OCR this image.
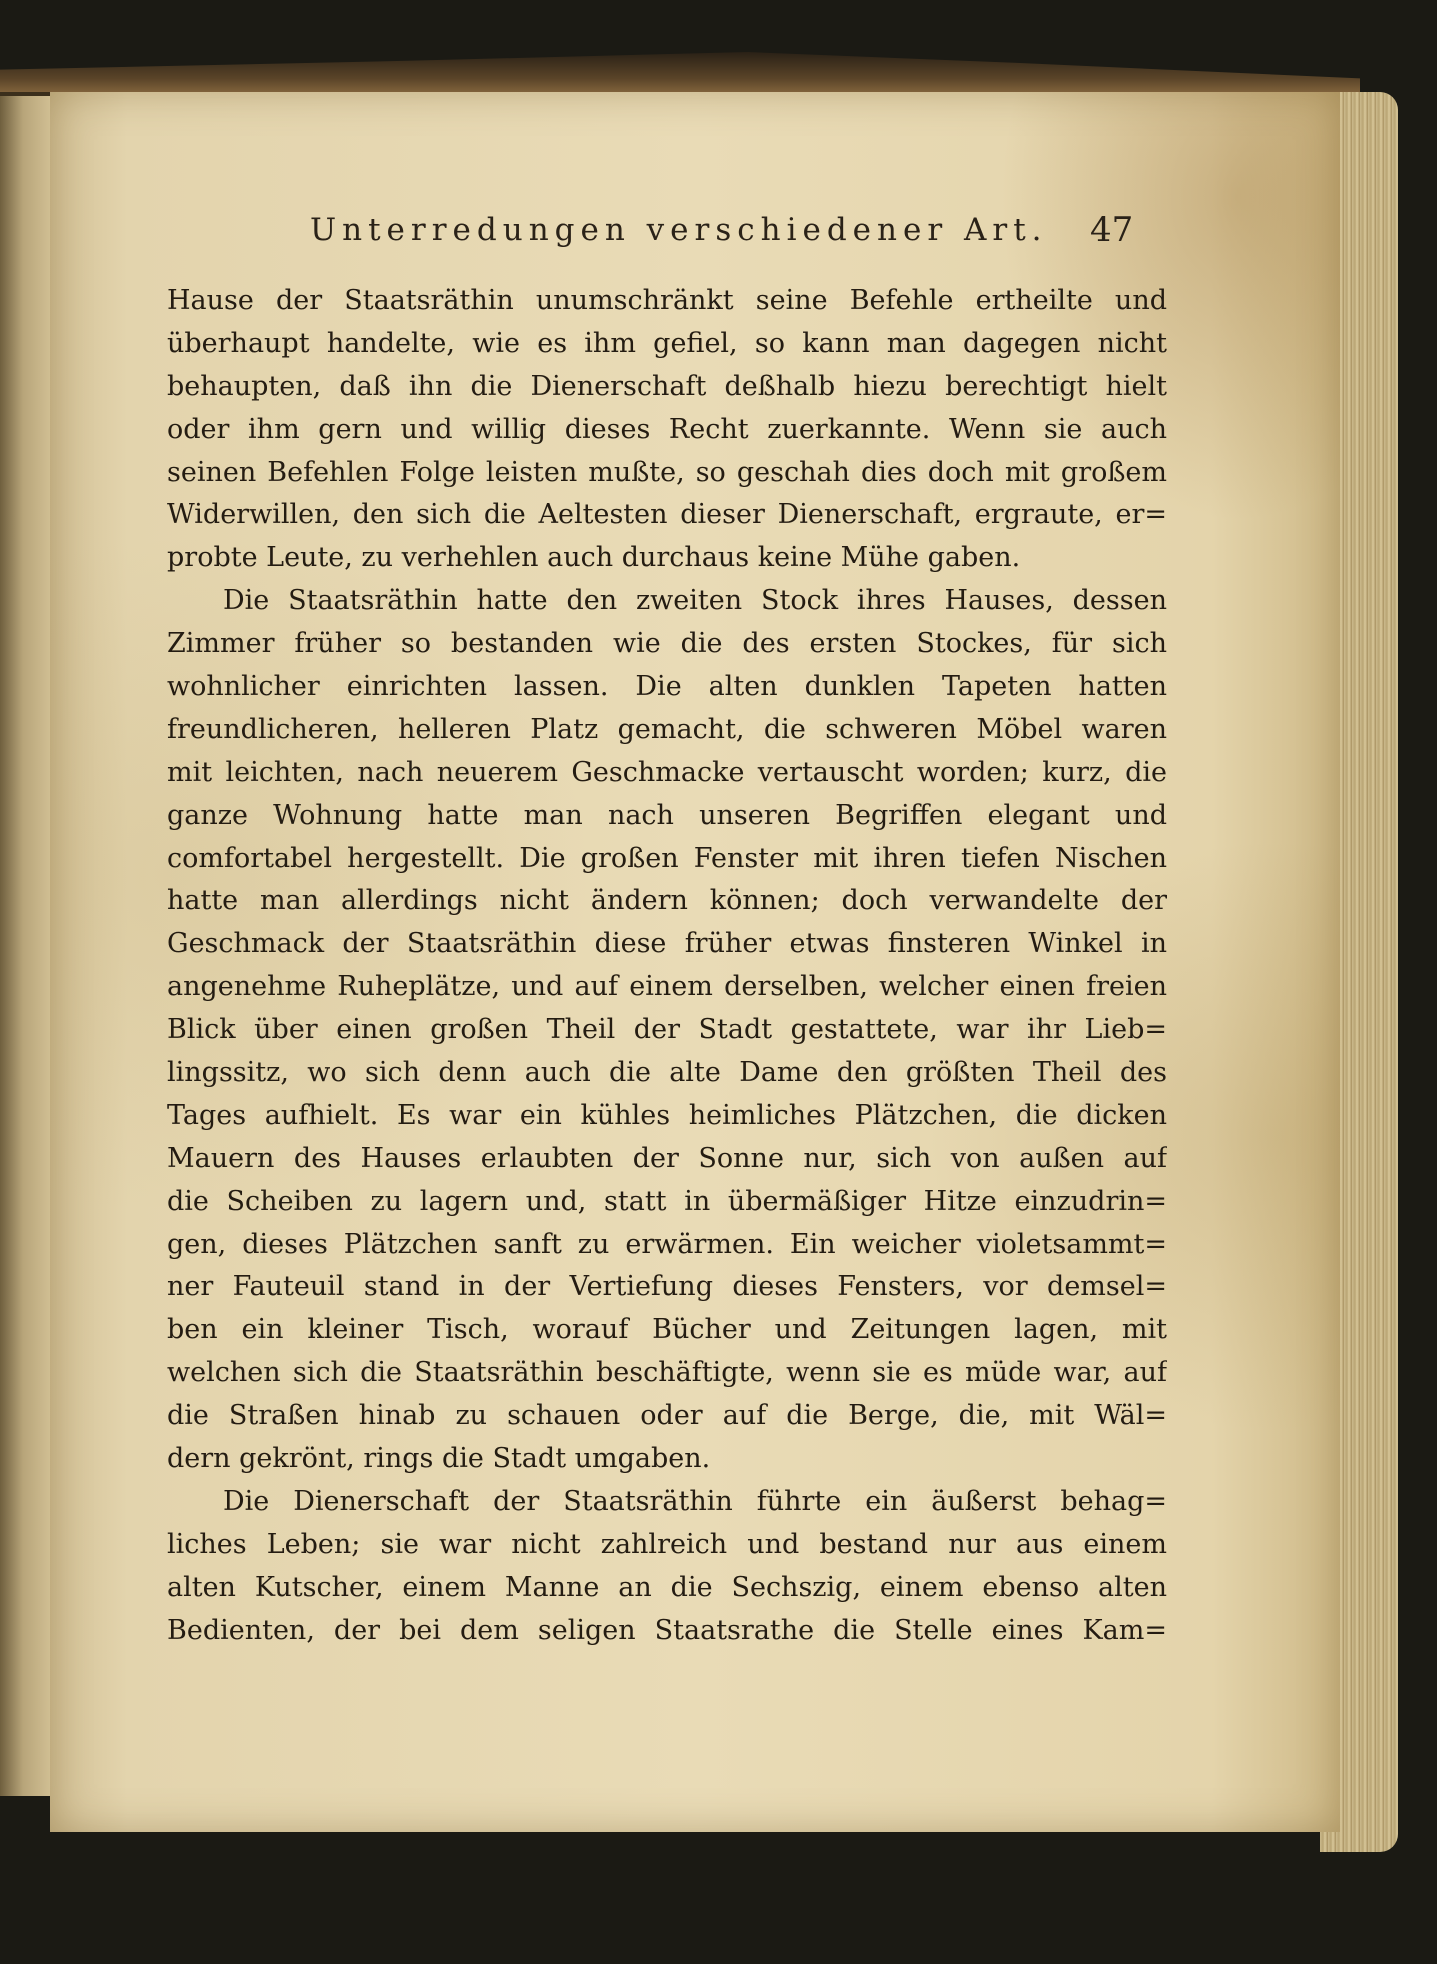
Unterredungen verschiedener Art.	47
Hause der Staatsräthin unumschränkt seine Befehle ertheilte und
überhaupt handelte, wie es ihm gefiel, so kann man dagegen nicht
behaupten, daß ihn die Dienerschaft deßhalb hiezu berechtigt hielt
oder ihm gern und willig dieses Recht zuerkannte. Wenn sie auch
seinen Befehlen Folge leisten mußte, so geschah dies doch mit großem
Widerwillen, den sich die Aeltesten dieser Dienerschaft, ergraute, er=
probte Leute, zu verhehlen auch durchaus keine Mühe gaben.
Die Staatsräthin hatte den zweiten Stock ihres Hauses, dessen
Zimmer früher so bestanden wie die des ersten Stockes, für sich
wohnlicher einrichten lassen. Die alten dunklen Tapeten hatten
freundlicheren, helleren Platz gemacht, die schweren Möbel waren
mit leichten, nach neuerem Geschmacke vertauscht worden; kurz, die
ganze Wohnung hatte man nach unseren Begriffen elegant und
comfortabel hergestellt. Die großen Fenster mit ihren tiefen Nischen
hatte man allerdings nicht ändern können; doch verwandelte der
Geschmack der Staatsräthin diese früher etwas finsteren Winkel in
angenehme Ruheplätze, und auf einem derselben, welcher einen freien
Blick über einen großen Theil der Stadt gestattete, war ihr Lieb=
lingssitz, wo sich denn auch die alte Dame den größten Theil des
Tages aufhielt. Es war ein kühles heimliches Plätzchen, die dicken
Mauern des Hauses erlaubten der Sonne nur, sich von außen auf
die Scheiben zu lagern und, statt in übermäßiger Hitze einzudrin=
gen, dieses Plätzchen sanft zu erwärmen. Ein weicher violetsammt=
ner Fauteuil stand in der Vertiefung dieses Fensters, vor demsel=
ben ein kleiner Tisch, worauf Bücher und Zeitungen lagen, mit
welchen sich die Staatsräthin beschäftigte, wenn sie es müde war, auf
die Straßen hinab zu schauen oder auf die Berge, die, mit Wäl=
dern gekrönt, rings die Stadt umgaben.
Die Dienerschaft der Staatsräthin führte ein äußerst behag=
liches Leben; sie war nicht zahlreich und bestand nur aus einem
alten Kutscher, einem Manne an die Sechszig, einem ebenso alten
Bedienten, der bei dem seligen Staatsrathe die Stelle eines Kam=
